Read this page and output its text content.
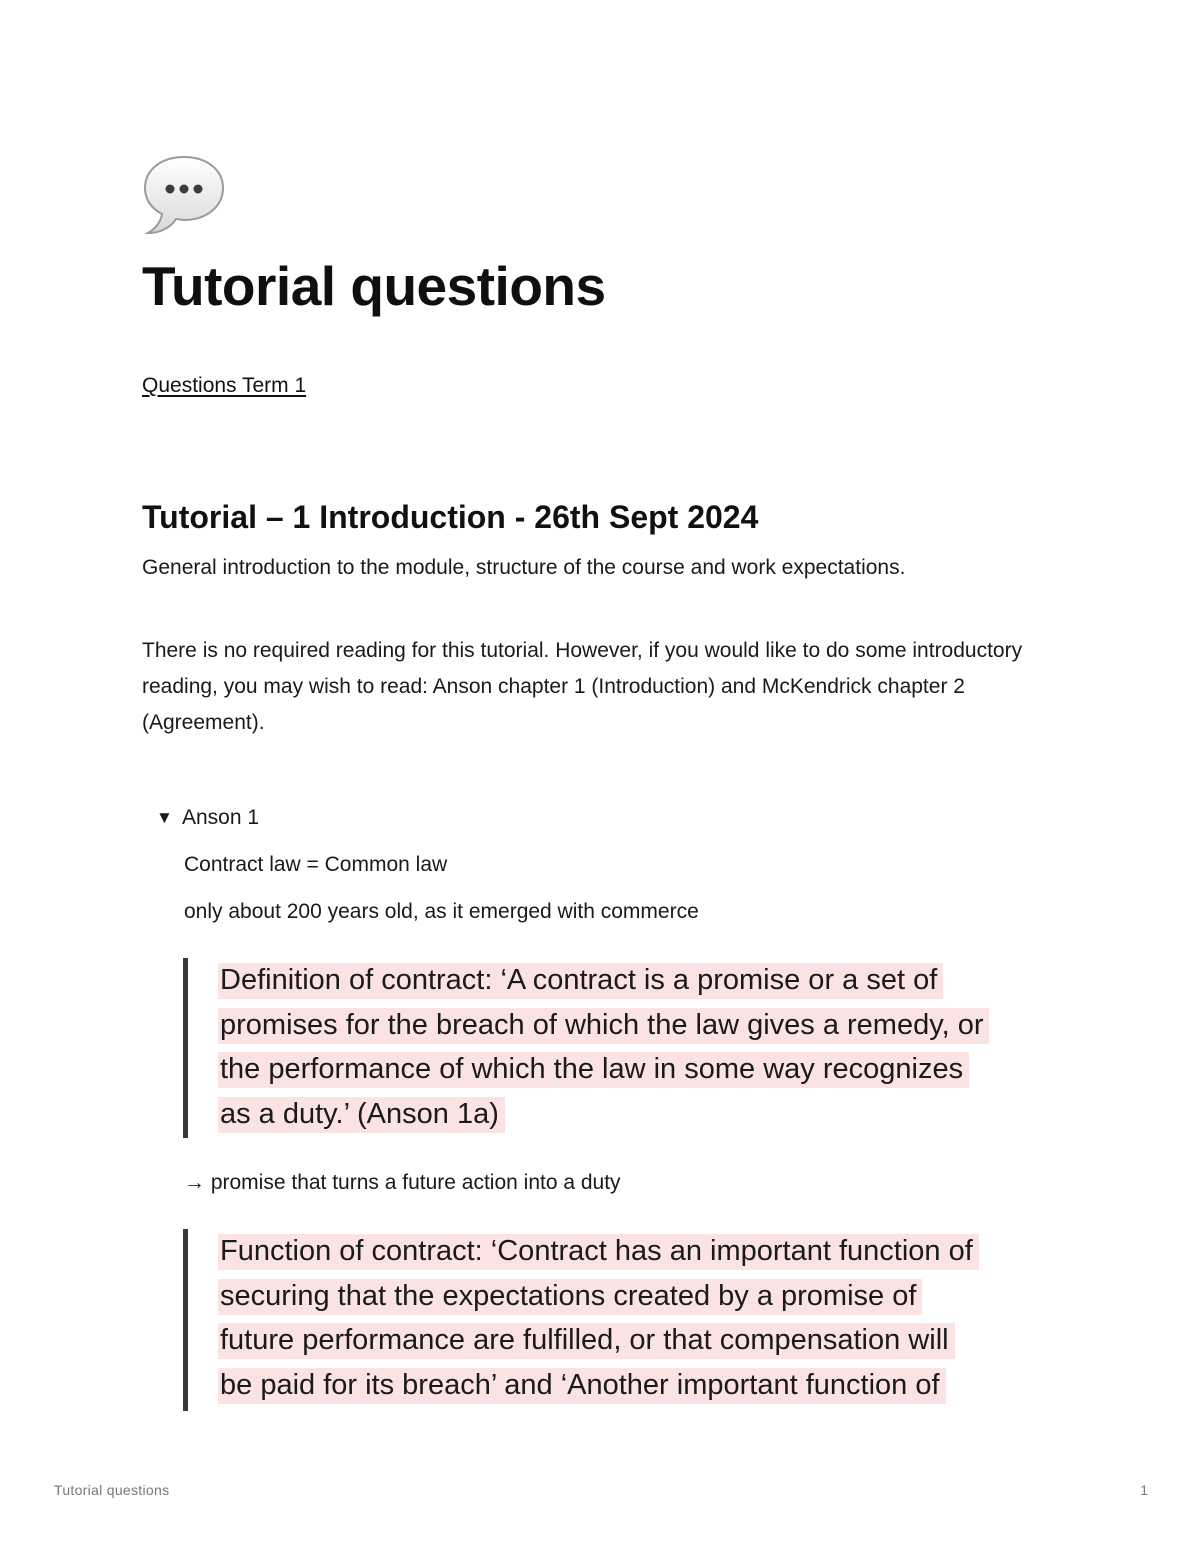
Tutorial questions
Questions Term 1
Tutorial – 1 Introduction - 26th Sept 2024

General introduction to the module, structure of the course and work expectations.

There is no required reading for this tutorial. However, if you would like to do some introductory reading, you may wish to read: Anson chapter 1 (Introduction) and McKendrick chapter 2 (Agreement).

▼ Anson 1

Contract law = Common law

only about 200 years old, as it emerged with commerce

Definition of contract: ‘A contract is a promise or a set of

promises for the breach of which the law gives a remedy, or

the performance of which the law in some way recognizes

as a duty.’ (Anson 1a)

→ promise that turns a future action into a duty

Function of contract: ‘Contract has an important function of

securing that the expectations created by a promise of

future performance are fulfilled, or that compensation will

be paid for its breach’ and ‘Another important function of

Tutorial questions	1
